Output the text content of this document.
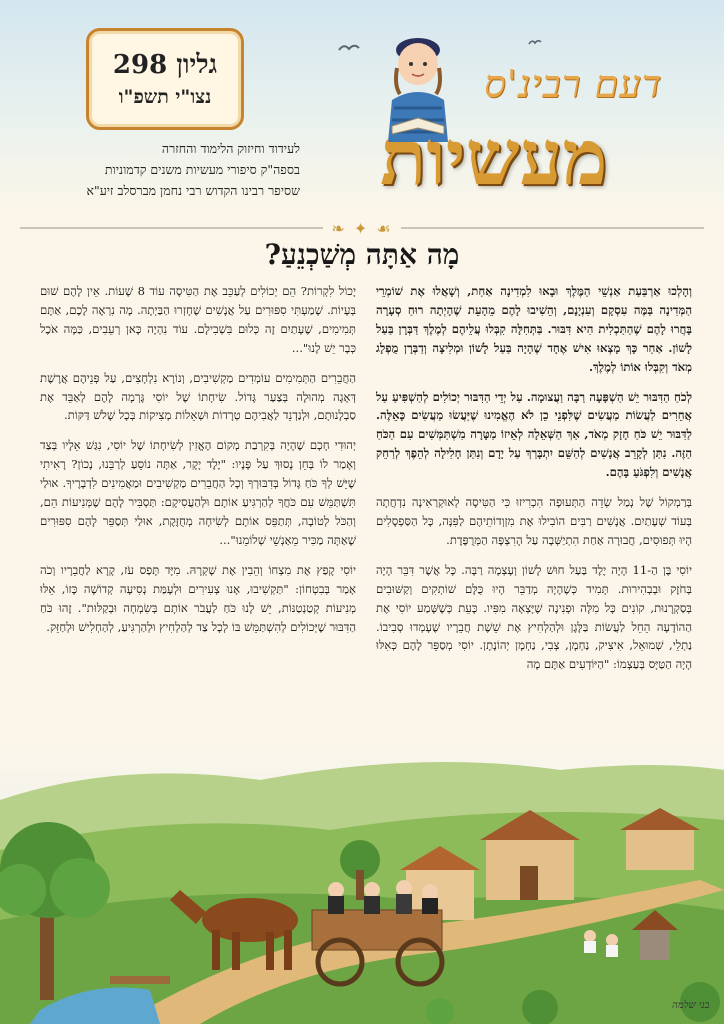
גליון 298
נצו"י תשפ"ו
לעידוד וחיזוק הלימוד והחזרה
בספה"ק סיפורי מעשיות משנים קדמוניות
שסיפר רבינו הקדוש רבי נחמן מברסלב זיע"א
דעם רבינ'ס
מעשיות
❧ ✦ ☙
מָה אַתָּה מְשַׁכְנֵעַ?

וְהָלְכוּ אַרְבַּעַת אַנְשֵׁי הַמֶּלֶךְ וּבָאוּ לִמְדִינָה אַחַת, וְשָׁאֲלוּ אֶת שׁוֹמְרֵי הַמְּדִינָה בַּמֶּה עִסְקָם וְעִנְיָנָם, וְהֵשִׁיבוּ לָהֶם מֵהָעֵת שֶׁהָיְתָה רוּחַ סְעָרָה בָּחֲרוּ לָהֶם שֶׁהַתַּכְלִית הִיא דִּבּוּר. בַּתְּחִלָּה קִבְּלוּ עֲלֵיהֶם לְמֶלֶךְ דַּבְּרָן בַּעַל לָשׁוֹן. אַחַר כָּךְ מָצְאוּ אִישׁ אֶחָד שֶׁהָיָה בַּעַל לָשׁוֹן וּמְלִיצָה וְדַבְּרָן מֻפְלָג מְאֹד וְקִבְּלוּ אוֹתוֹ לְמֶלֶךְ.

לְכֹחַ הַדִּבּוּר יֵשׁ הַשְׁפָּעָה רַבָּה וַעֲצוּמָה. עַל יְדֵי הַדִּבּוּר יְכוֹלִים לְהַשְׁפִּיעַ עַל אֲחֵרִים לַעֲשׂוֹת מַעֲשִׂים שֶׁלִּפְנֵי כֵן לֹא הֶאֱמִינוּ שֶׁיַּעֲשׂוּ מַעֲשִׂים כָּאֵלֶּה. לַדִּבּוּר יֵשׁ כֹּחַ חָזָק מְאֹד, אַךְ הַשְּׁאֵלָה לְאֵיזוֹ מַטָּרָה מִשְׁתַּמְּשִׁים עִם הַכֹּחַ הַזֶּה. נִתַּן לְקָרֵב אֲנָשִׁים לְהַשֵּׁם יִתְבָּרַךְ עַל יָדָם וְנִתַּן חָלִילָה לְהֵפֶךְ לְרַחֵק אֲנָשִׁים וְלִפְגֹּעַ בָּהֶם.

בְּרַמְקוֹל שֶׁל נְמַל שְׂדֵה הַתְּעוּפָה הִכְרִיזוּ כִּי הַטִּיסָה לְאוּקְרַאִינָה נִדְחֲתָה בְּעוֹד שְׁעָתַיִם. אֲנָשִׁים רַבִּים הוֹבִילוּ אֶת מִזְוְדוֹתֵיהֶם לַפִּנָּה, כָּל הַסַּפְסָלִים הָיוּ תְּפוּסִים, חֲבוּרָה אַחַת הִתְיַשְּׁבָה עַל הָרִצְפָּה הַמְּרֻפֶּדֶת.

יוֹסִי בֶּן הַ-11 הָיָה יֶלֶד בַּעַל חוּשׁ לָשׁוֹן וְעָצְמָה רַבָּה. כָּל אֲשֶׁר דִּבֵּר הָיָה בְּחֹזֶק וּבְבְהִירוּת. תָּמִיד כְּשֶׁהָיָה מְדַבֵּר הָיוּ כֻּלָּם שׁוֹתְקִים וְקַשּׁוּבִים בְּסַקְרָנוּת, קוֹנִים כָּל מִלָּה וּפְנִינָה שֶׁיָּצְאָה מִפִּיו. כָּעֵת כְּשֶׁשָּׁמַע יוֹסִי אֶת הַהוֹדָעָה הֵחֵל לַעֲשׂוֹת בַּלָּגָן וּלְהַלְחִיץ אֶת שֵׁשֶׁת חֲבֵרָיו שֶׁעָמְדוּ סְבִיבוֹ. נַתְלֵי, שְׁמוּאֵל, אִיצִיק, נַחְמָן, צְבִי, נַחְמָן יְהוֹנָתָן. יוֹסִי מְסַפֵּר לָהֶם כְּאִלּוּ הָיָה הַטַּיָּס בְּעַצְמוֹ: "הַיּוֹדְעִים אַתֶּם מָה

יָכוֹל לִקְרוֹת? הֵם יְכוֹלִים לְעַכֵּב אֶת הַטִּיסָה עוֹד 8 שָׁעוֹת. אֵין לָהֶם שׁוּם בְּעָיוֹת. שָׁמַעְתִּי סִפּוּרִים עַל אֲנָשִׁים שֶׁחָזְרוּ הַבַּיְתָה. מָה נִרְאֶה לָכֶם, אַתֶּם תְּמִימִים, שֶׁעָתַיִם זֶה כְּלוּם בִּשְׁבִילָם. עוֹד נִהְיֶה כָּאן רְעֵבִים, כַּמָּה אֹכֶל כְּבָר יֵשׁ לָנוּ"...

הַחֲבֵרִים הַתְּמִימִים עוֹמְדִים מַקְשִׁיבִים, וְנוֹרָא נִלְחָצִים, עַל פְּנֵיהֶם אֲרֶשֶׁת דְּאָגָה מְהוּלָה בְּצַעַר גָּדוֹל. שִׂיחָתוֹ שֶׁל יוֹסִי גָּרְמָה לָהֶם לְאַבֵּד אֶת סַבְלָנוּתָם, וּלְנַדְנֵד לַאֲבִיהֶם טְרָדוֹת וּשְׁאֵלוֹת מְצִיקוֹת בְּכָל שָׁלֹשׁ דַּקּוֹת.

יְהוּדִי חָכָם שֶׁהָיָה בְּקִרְבַת מְקוֹם הֶאֱזִין לְשִׂיחָתוֹ שֶׁל יוֹסִי, נִגַּשׁ אֵלָיו בְּצַד וְאָמַר לוֹ בְּחֵן נָסוּךְ עַל פָּנָיו: "יֶלֶד יָקָר, אַתָּה נוֹסֵעַ לְרַבֵּנוּ, נָכוֹן? רָאִיתִי שֶׁיֵּשׁ לְךָ כֹּחַ גָּדוֹל בְּדִבּוּרְךָ וְכָל הַחֲבֵרִים מַקְשִׁיבִים וּמַאֲמִינִים לִדְבָרֶיךָ. אוּלַי תִּשְׁתַּמֵּשׁ עִם כֹּחֲךָ לְהַרְגִּיעַ אוֹתָם וּלְהַעֲסִיקָם: תַּסְבִּיר לָהֶם שֶׁמְּנִיעוֹת הֵם, וְהַכֹּל לְטוֹבָה, תְּתַפֵּס אוֹתָם לְשִׂיחָה מְחֻזֶּקֶת, אוּלַי תְּסַפֵּר לָהֶם סִפּוּרִים שֶׁאַתָּה מַכִּיר מֵאַנְשֵׁי שְׁלוֹמֵנוּ"...

יוֹסִי קָפַץ אֶת מִצְחוֹ וְהֵבִין אֶת שָׁקְרָהּ. מִיָּד תָּפַס עֹז, קָרָא לַחֲבֵרָיו וְכֹה אָמַר בְּבִטְחוֹן: "תַּקְשִׁיבוּ, אָנוּ צְעִירִים וּלְעָמַּת נְסִיעָה קְדוֹשָׁה כָּזוֹ, אֵלּוּ מְנִיעוֹת קְטַנְטַנּוֹת, יֵשׁ לָנוּ כֹּחַ לַעֲבֹר אוֹתָם בְּשִׂמְחָה וּבְקַלּוּת". זֶהוּ כֹּחַ הַדִּבּוּר שֶׁיְּכוֹלִים לְהִשְׁתַּמֵּשׁ בּוֹ לְכָל צַד לְהַלְחִיץ וּלְהַרְגִּיעַ, לְהַחְלִישׁ וּלְחַזֵּק.

בני שלמה
